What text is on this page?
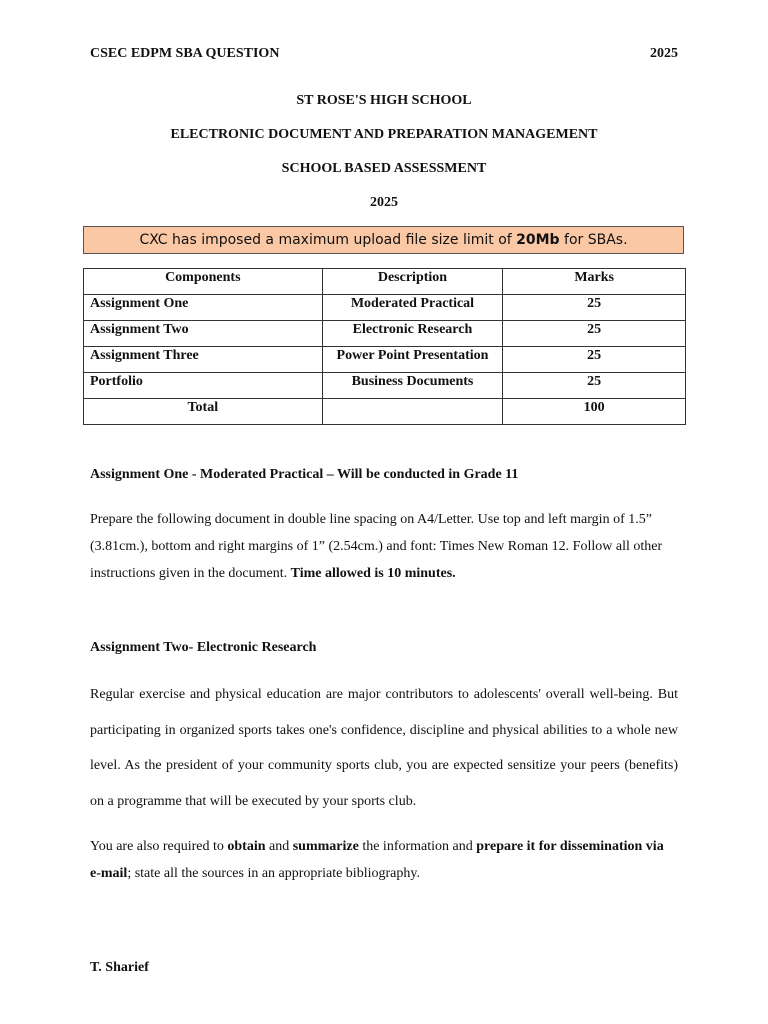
CSEC EDPM SBA QUESTION	2025
ST ROSE'S HIGH SCHOOL
ELECTRONIC DOCUMENT AND PREPARATION MANAGEMENT
SCHOOL BASED ASSESSMENT
2025
CXC has imposed a maximum upload file size limit of 20Mb for SBAs.
Components	Description	Marks
Assignment One	Moderated Practical	25
Assignment Two	Electronic Research	25
Assignment Three	Power Point Presentation	25
Portfolio	Business Documents	25
Total		100
Assignment One - Moderated Practical – Will be conducted in Grade 11
Prepare the following document in double line spacing on A4/Letter. Use top and left margin of 1.5” (3.81cm.), bottom and right margins of 1” (2.54cm.) and font: Times New Roman 12. Follow all other instructions given in the document. Time allowed is 10 minutes.
Assignment Two- Electronic Research
Regular exercise and physical education are major contributors to adolescents' overall well-being. But participating in organized sports takes one's confidence, discipline and physical abilities to a whole new level. As the president of your community sports club, you are expected sensitize your peers (benefits) on a programme that will be executed by your sports club.
You are also required to obtain and summarize the information and prepare it for dissemination via e-mail; state all the sources in an appropriate bibliography.
T. Sharief
